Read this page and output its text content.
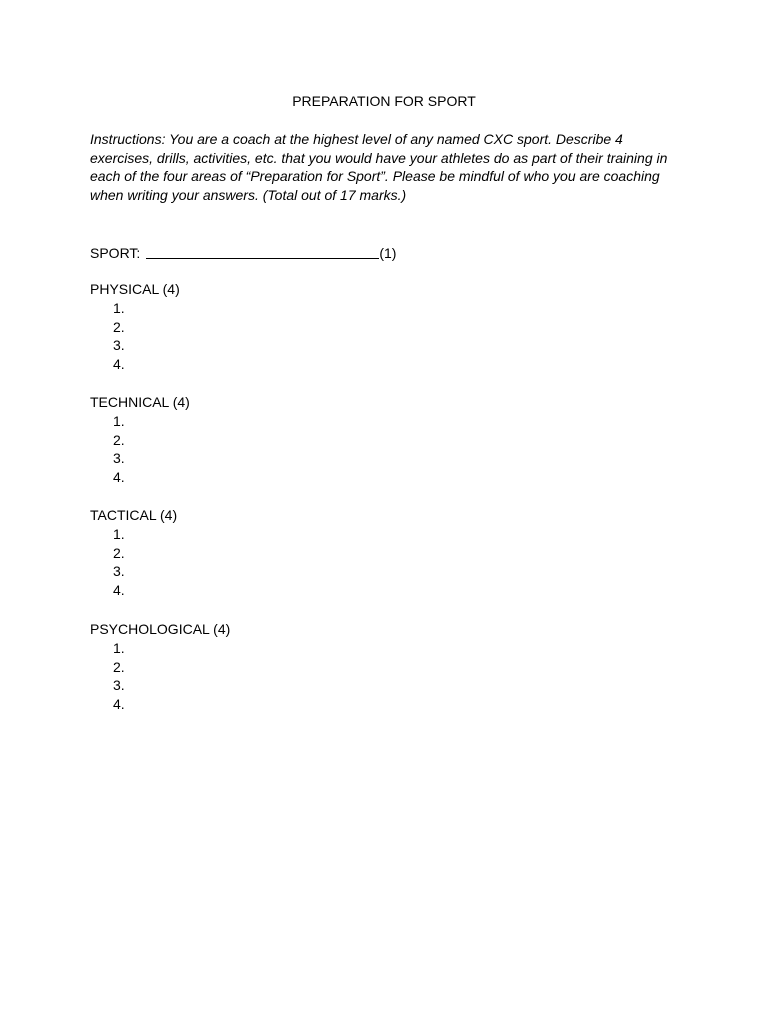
PREPARATION FOR SPORT
Instructions: You are a coach at the highest level of any named CXC sport. Describe 4
exercises, drills, activities, etc. that you would have your athletes do as part of their training in
each of the four areas of “Preparation for Sport”. Please be mindful of who you are coaching
when writing your answers. (Total out of 17 marks.)
SPORT:	(1)
PHYSICAL (4)
1.
2.
3.
4.
TECHNICAL (4)
1.
2.
3.
4.
TACTICAL (4)
1.
2.
3.
4.
PSYCHOLOGICAL (4)
1.
2.
3.
4.
